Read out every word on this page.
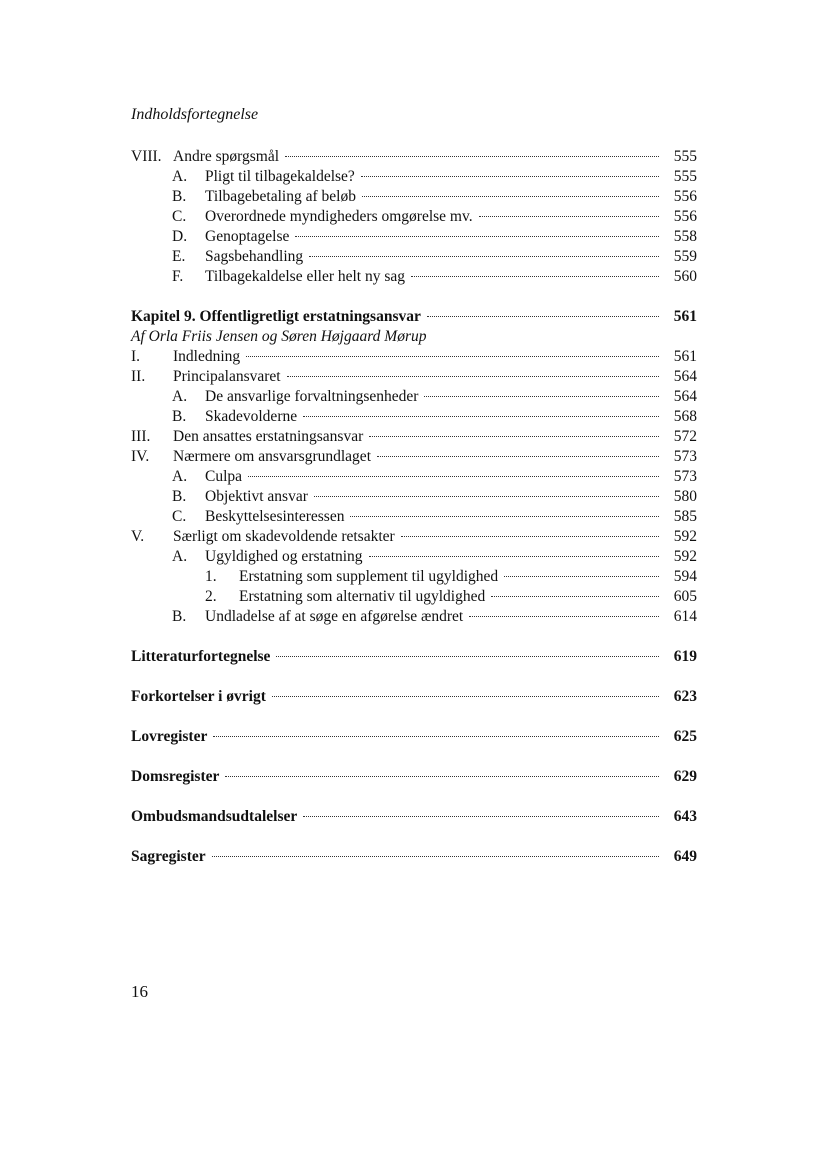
Indholdsfortegnelse
VIII. Andre spørgsmål	555
A.	Pligt til tilbagekaldelse?	555
B.	Tilbagebetaling af beløb	556
C.	Overordnede myndigheders omgørelse mv.	556
D.	Genoptagelse	558
E.	Sagsbehandling	559
F.	Tilbagekaldelse eller helt ny sag	560
Kapitel 9. Offentligretligt erstatningsansvar	561
Af Orla Friis Jensen og Søren Højgaard Mørup
I.	Indledning	561
II.	Principalansvaret	564
A.	De ansvarlige forvaltningsenheder	564
B.	Skadevolderne	568
III.	Den ansattes erstatningsansvar	572
IV.	Nærmere om ansvarsgrundlaget	573
A.	Culpa	573
B.	Objektivt ansvar	580
C.	Beskyttelsesinteressen	585
V.	Særligt om skadevoldende retsakter	592
A.	Ugyldighed og erstatning	592
1.	Erstatning som supplement til ugyldighed	594
2.	Erstatning som alternativ til ugyldighed	605
B.	Undladelse af at søge en afgørelse ændret	614
Litteraturfortegnelse	619
Forkortelser i øvrigt	623
Lovregister	625
Domsregister	629
Ombudsmandsudtalelser	643
Sagregister	649
16
